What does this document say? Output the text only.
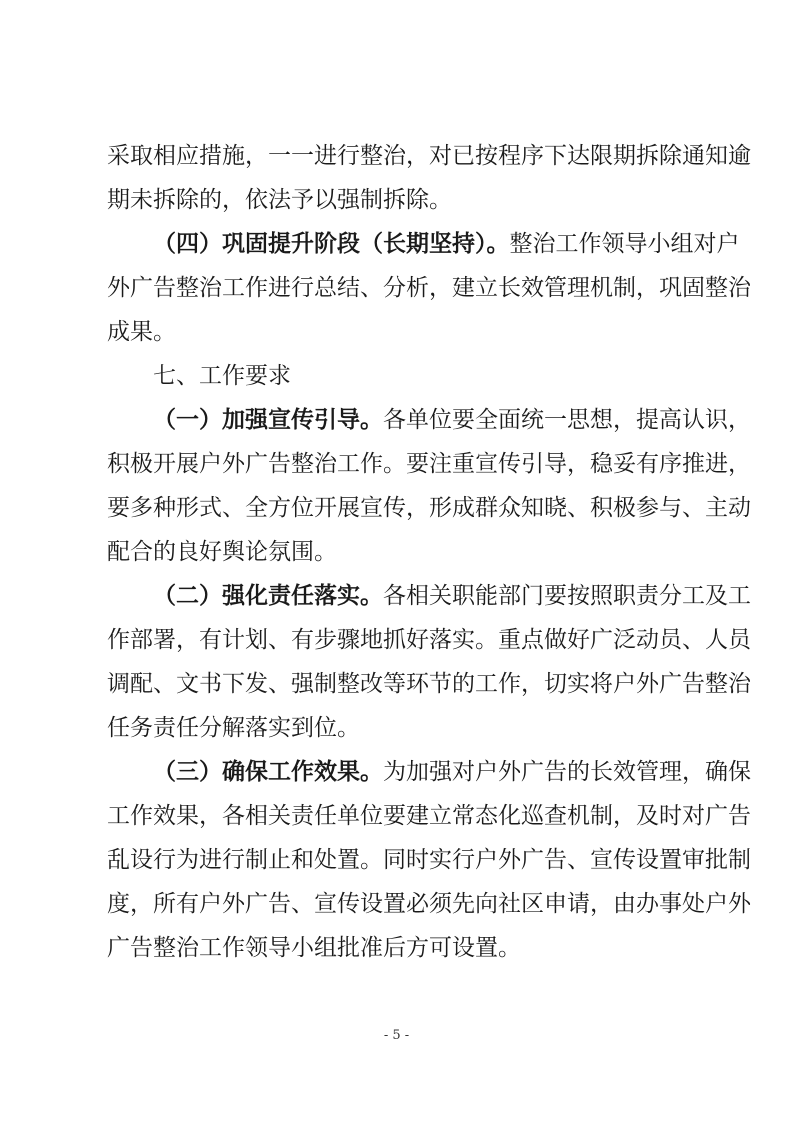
采取相应措施，一一进行整治，对已按程序下达限期拆除通知逾
期未拆除的，依法予以强制拆除。
（四）巩固提升阶段（长期坚持）。整治工作领导小组对户
外广告整治工作进行总结、分析，建立长效管理机制，巩固整治
成果。
七、工作要求
（一）加强宣传引导。各单位要全面统一思想，提高认识，
积极开展户外广告整治工作。要注重宣传引导，稳妥有序推进，
要多种形式、全方位开展宣传，形成群众知晓、积极参与、主动
配合的良好舆论氛围。
（二）强化责任落实。各相关职能部门要按照职责分工及工
作部署，有计划、有步骤地抓好落实。重点做好广泛动员、人员
调配、文书下发、强制整改等环节的工作，切实将户外广告整治
任务责任分解落实到位。
（三）确保工作效果。为加强对户外广告的长效管理，确保
工作效果，各相关责任单位要建立常态化巡查机制，及时对广告
乱设行为进行制止和处置。同时实行户外广告、宣传设置审批制
度，所有户外广告、宣传设置必须先向社区申请，由办事处户外
广告整治工作领导小组批准后方可设置。
- 5 -
